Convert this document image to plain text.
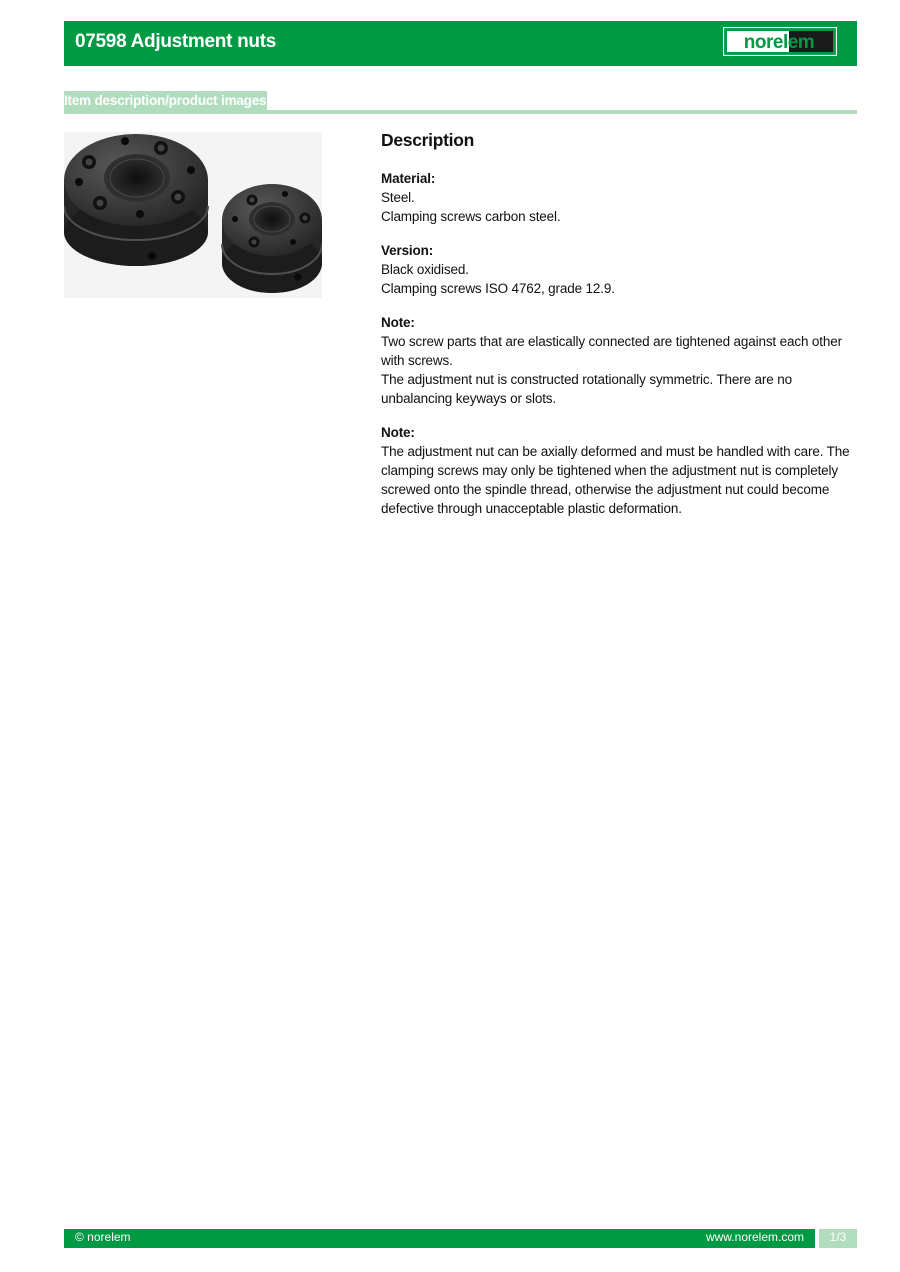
07598 Adjustment nuts	norelem
Item description/product images
Description
Material:
Steel.
Clamping screws carbon steel.
Version:
Black oxidised.
Clamping screws ISO 4762, grade 12.9.
Note:
Two screw parts that are elastically connected are tightened against each other with screws.
The adjustment nut is constructed rotationally symmetric. There are no unbalancing keyways or slots.
Note:
The adjustment nut can be axially deformed and must be handled with care. The clamping screws may only be tightened when the adjustment nut is completely screwed onto the spindle thread, otherwise the adjustment nut could become defective through unacceptable plastic deformation.
© norelem	www.norelem.com	1/3
